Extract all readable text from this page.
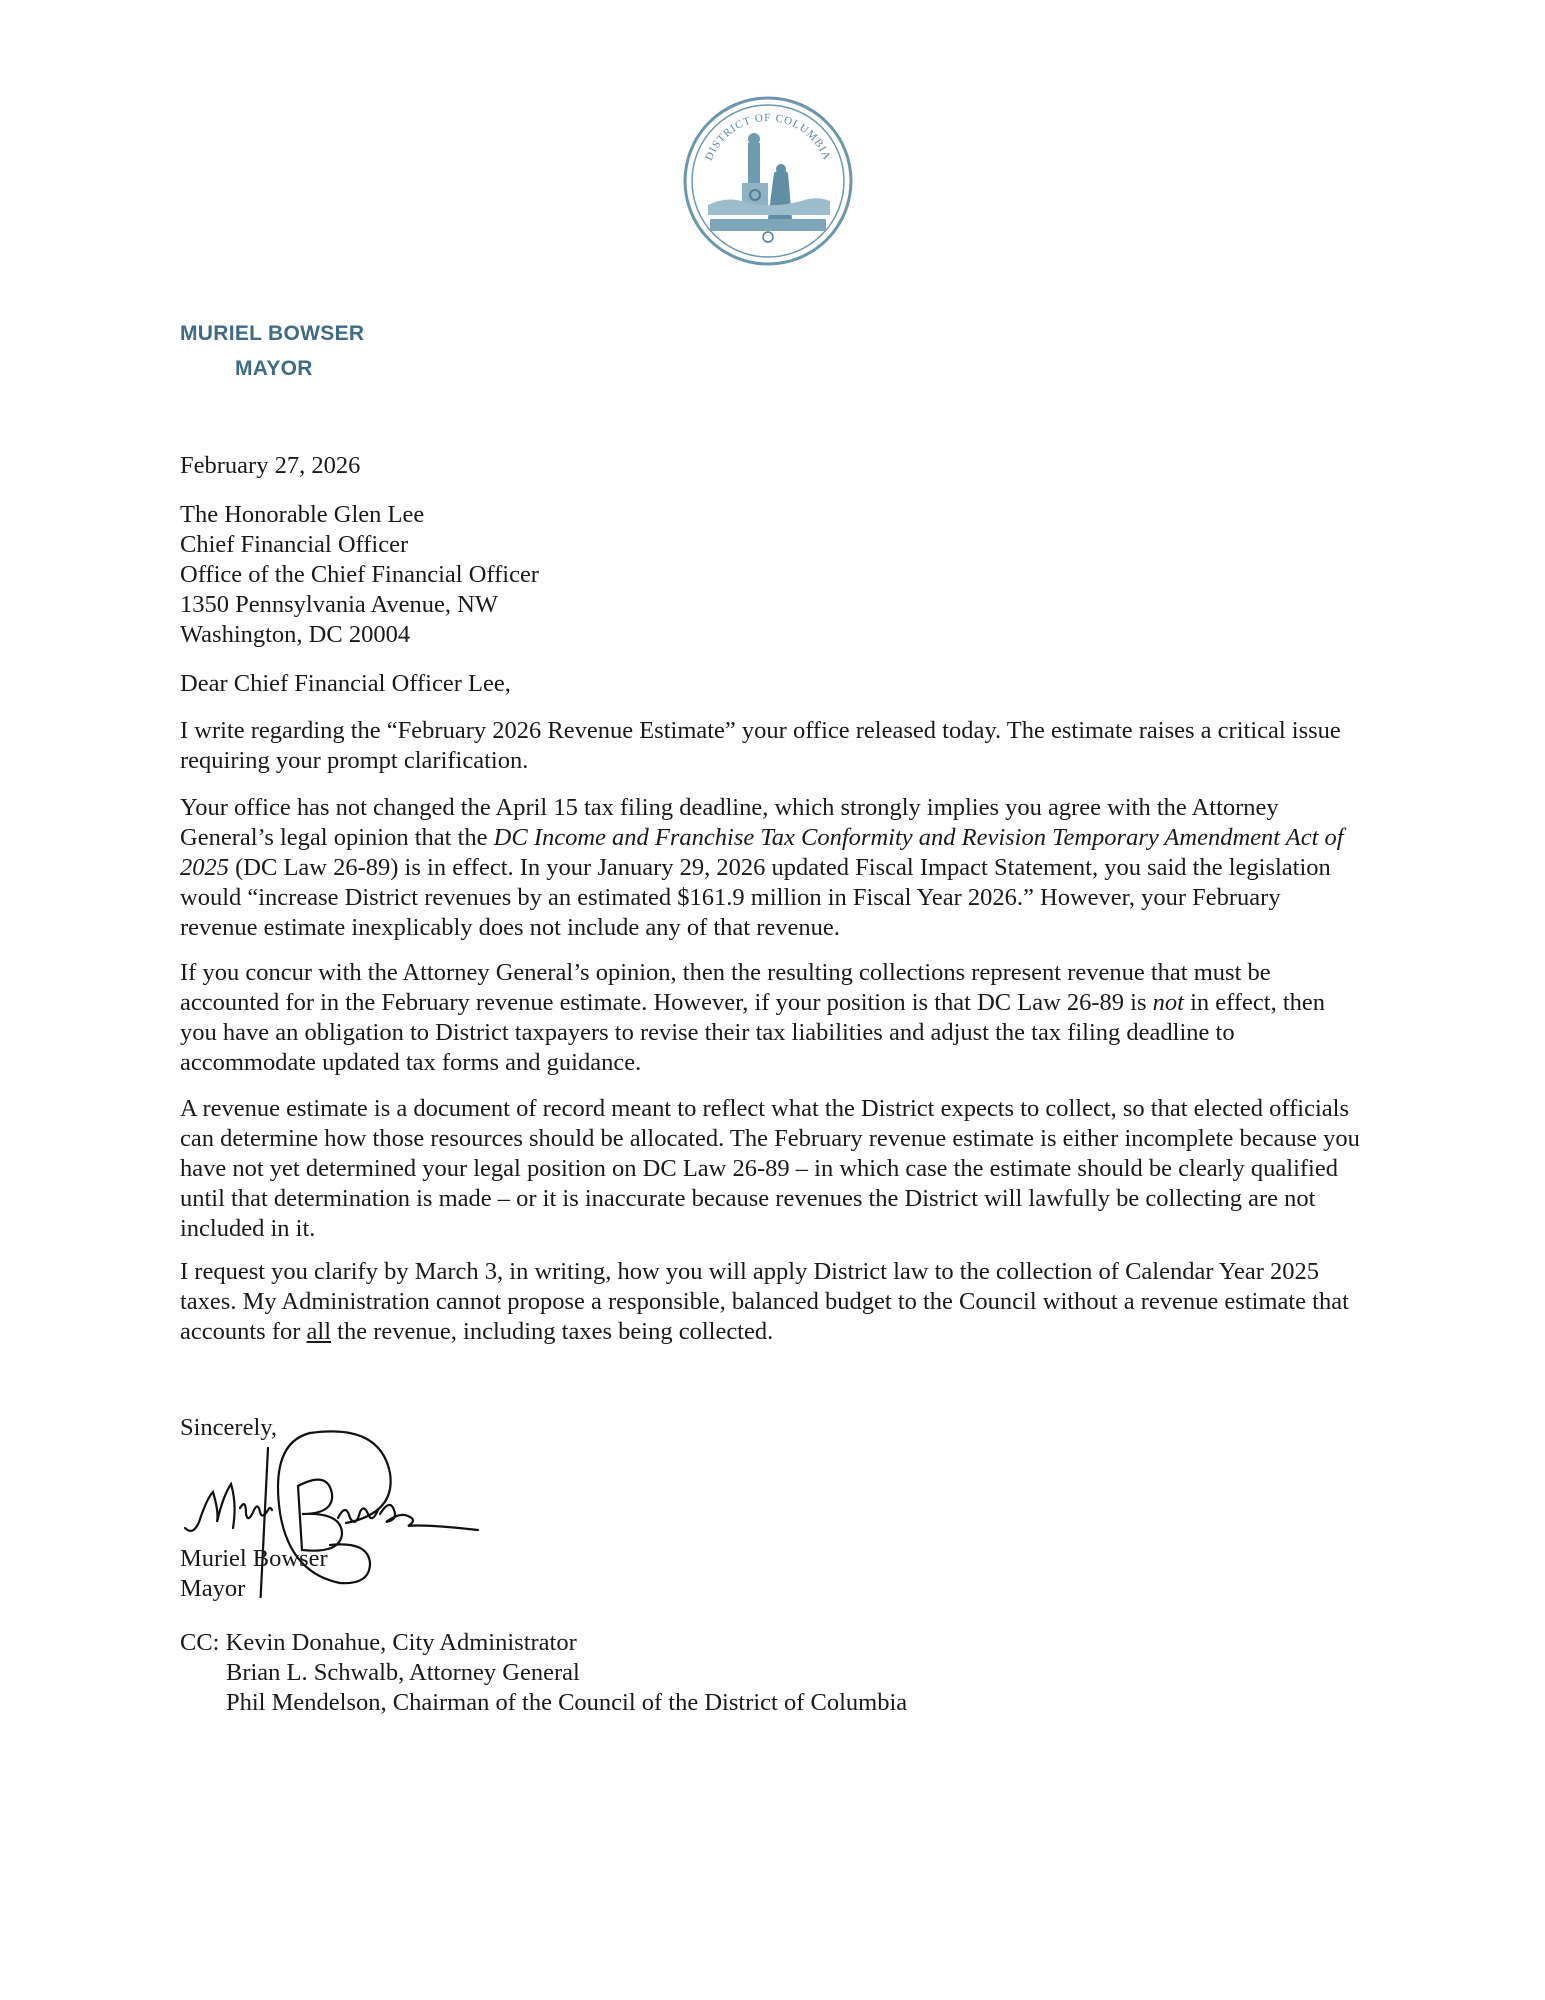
DISTRICT OF COLUMBIA
MURIEL BOWSER
MAYOR
February 27, 2026
The Honorable Glen Lee
Chief Financial Officer
Office of the Chief Financial Officer
1350 Pennsylvania Avenue, NW
Washington, DC 20004
Dear Chief Financial Officer Lee,

I write regarding the “February 2026 Revenue Estimate” your office released today. The estimate raises a critical issue requiring your prompt clarification.

Your office has not changed the April 15 tax filing deadline, which strongly implies you agree with the Attorney General’s legal opinion that the DC Income and Franchise Tax Conformity and Revision Temporary Amendment Act of 2025 (DC Law 26-89) is in effect. In your January 29, 2026 updated Fiscal Impact Statement, you said the legislation would “increase District revenues by an estimated $161.9 million in Fiscal Year 2026.” However, your February revenue estimate inexplicably does not include any of that revenue.

If you concur with the Attorney General’s opinion, then the resulting collections represent revenue that must be accounted for in the February revenue estimate. However, if your position is that DC Law 26-89 is not in effect, then you have an obligation to District taxpayers to revise their tax liabilities and adjust the tax filing deadline to accommodate updated tax forms and guidance.

A revenue estimate is a document of record meant to reflect what the District expects to collect, so that elected officials can determine how those resources should be allocated. The February revenue estimate is either incomplete because you have not yet determined your legal position on DC Law 26-89 – in which case the estimate should be clearly qualified until that determination is made – or it is inaccurate because revenues the District will lawfully be collecting are not included in it.

I request you clarify by March 3, in writing, how you will apply District law to the collection of Calendar Year 2025 taxes. My Administration cannot propose a responsible, balanced budget to the Council without a revenue estimate that accounts for all the revenue, including taxes being collected.

Sincerely,
Muriel Bowser
Mayor
CC: Kevin Donahue, City Administrator
Brian L. Schwalb, Attorney General
Phil Mendelson, Chairman of the Council of the District of Columbia
